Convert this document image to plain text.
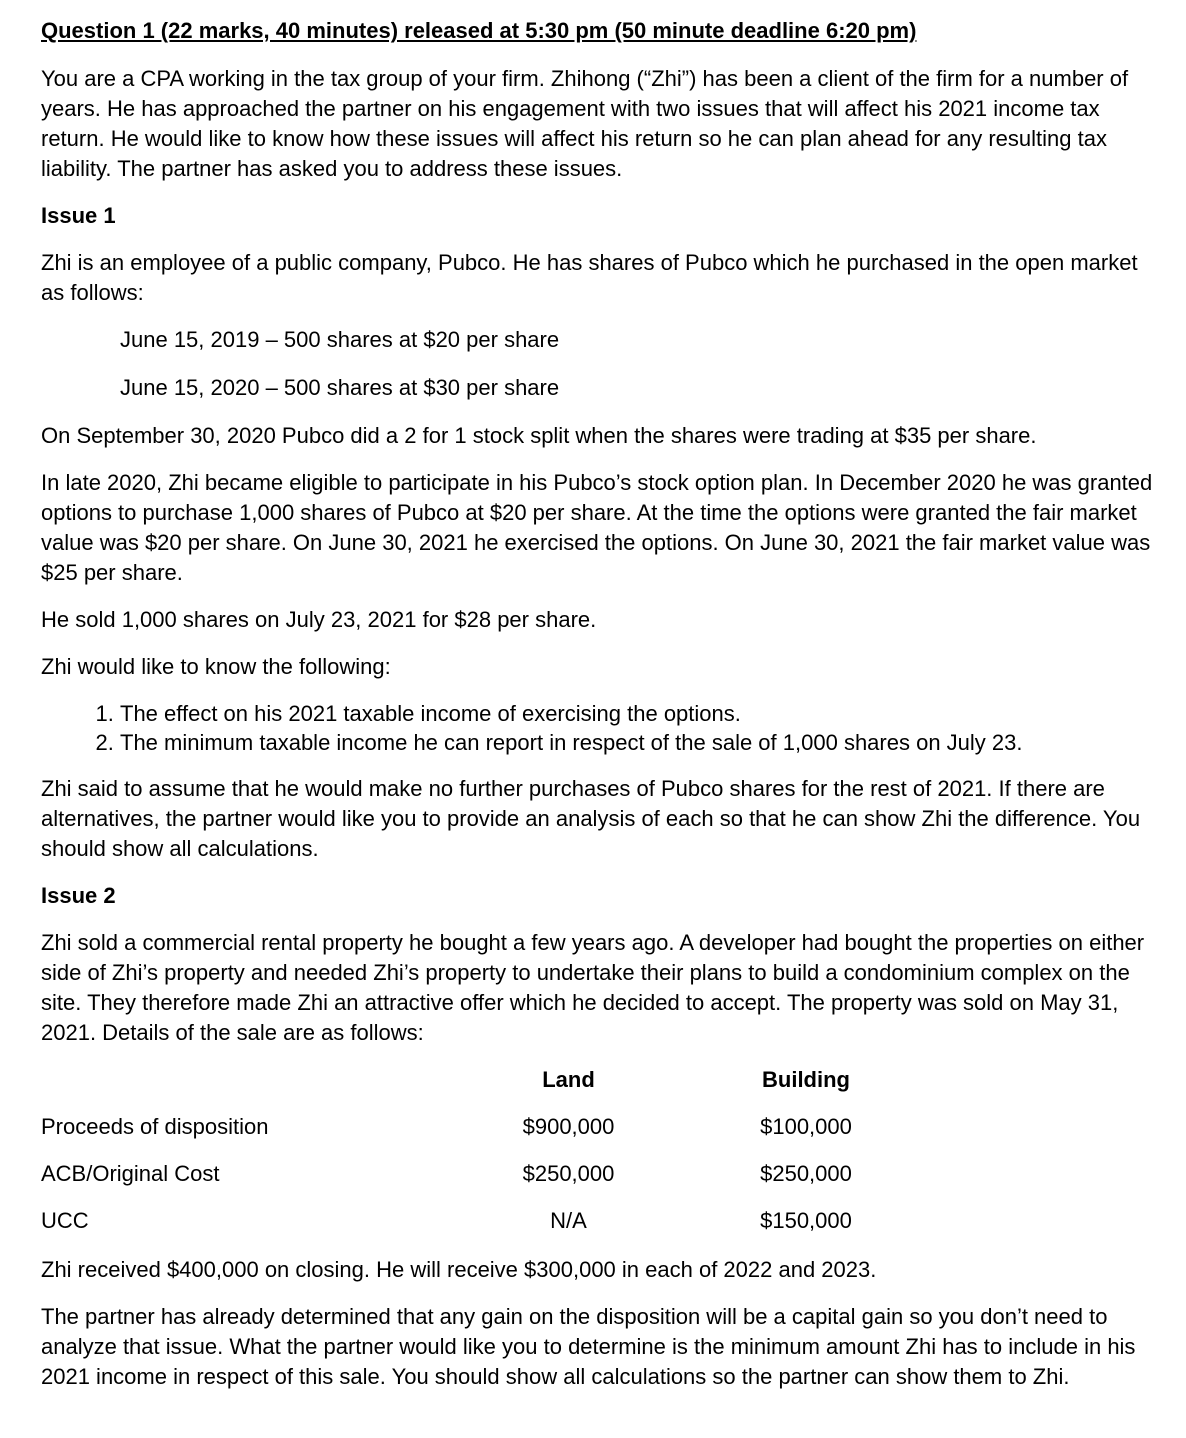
Question 1 (22 marks, 40 minutes) released at 5:30 pm (50 minute deadline 6:20 pm)

You are a CPA working in the tax group of your firm. Zhihong (“Zhi”) has been a client of the firm for a number of years. He has approached the partner on his engagement with two issues that will affect his 2021 income tax return. He would like to know how these issues will affect his return so he can plan ahead for any resulting tax liability. The partner has asked you to address these issues.

Issue 1

Zhi is an employee of a public company, Pubco. He has shares of Pubco which he purchased in the open market as follows:

June 15, 2019 – 500 shares at $20 per share
June 15, 2020 – 500 shares at $30 per share

On September 30, 2020 Pubco did a 2 for 1 stock split when the shares were trading at $35 per share.

In late 2020, Zhi became eligible to participate in his Pubco’s stock option plan. In December 2020 he was granted options to purchase 1,000 shares of Pubco at $20 per share. At the time the options were granted the fair market value was $20 per share. On June 30, 2021 he exercised the options. On June 30, 2021 the fair market value was $25 per share.

He sold 1,000 shares on July 23, 2021 for $28 per share.

Zhi would like to know the following:

1. The effect on his 2021 taxable income of exercising the options.
2. The minimum taxable income he can report in respect of the sale of 1,000 shares on July 23.

Zhi said to assume that he would make no further purchases of Pubco shares for the rest of 2021. If there are alternatives, the partner would like you to provide an analysis of each so that he can show Zhi the difference. You should show all calculations.

Issue 2

Zhi sold a commercial rental property he bought a few years ago. A developer had bought the properties on either side of Zhi’s property and needed Zhi’s property to undertake their plans to build a condominium complex on the site. They therefore made Zhi an attractive offer which he decided to accept. The property was sold on May 31, 2021. Details of the sale are as follows:

	Land	Building
Proceeds of disposition	$900,000	$100,000
ACB/Original Cost	$250,000	$250,000
UCC	N/A	$150,000

Zhi received $400,000 on closing. He will receive $300,000 in each of 2022 and 2023.

The partner has already determined that any gain on the disposition will be a capital gain so you don’t need to analyze that issue. What the partner would like you to determine is the minimum amount Zhi has to include in his 2021 income in respect of this sale. You should show all calculations so the partner can show them to Zhi.
